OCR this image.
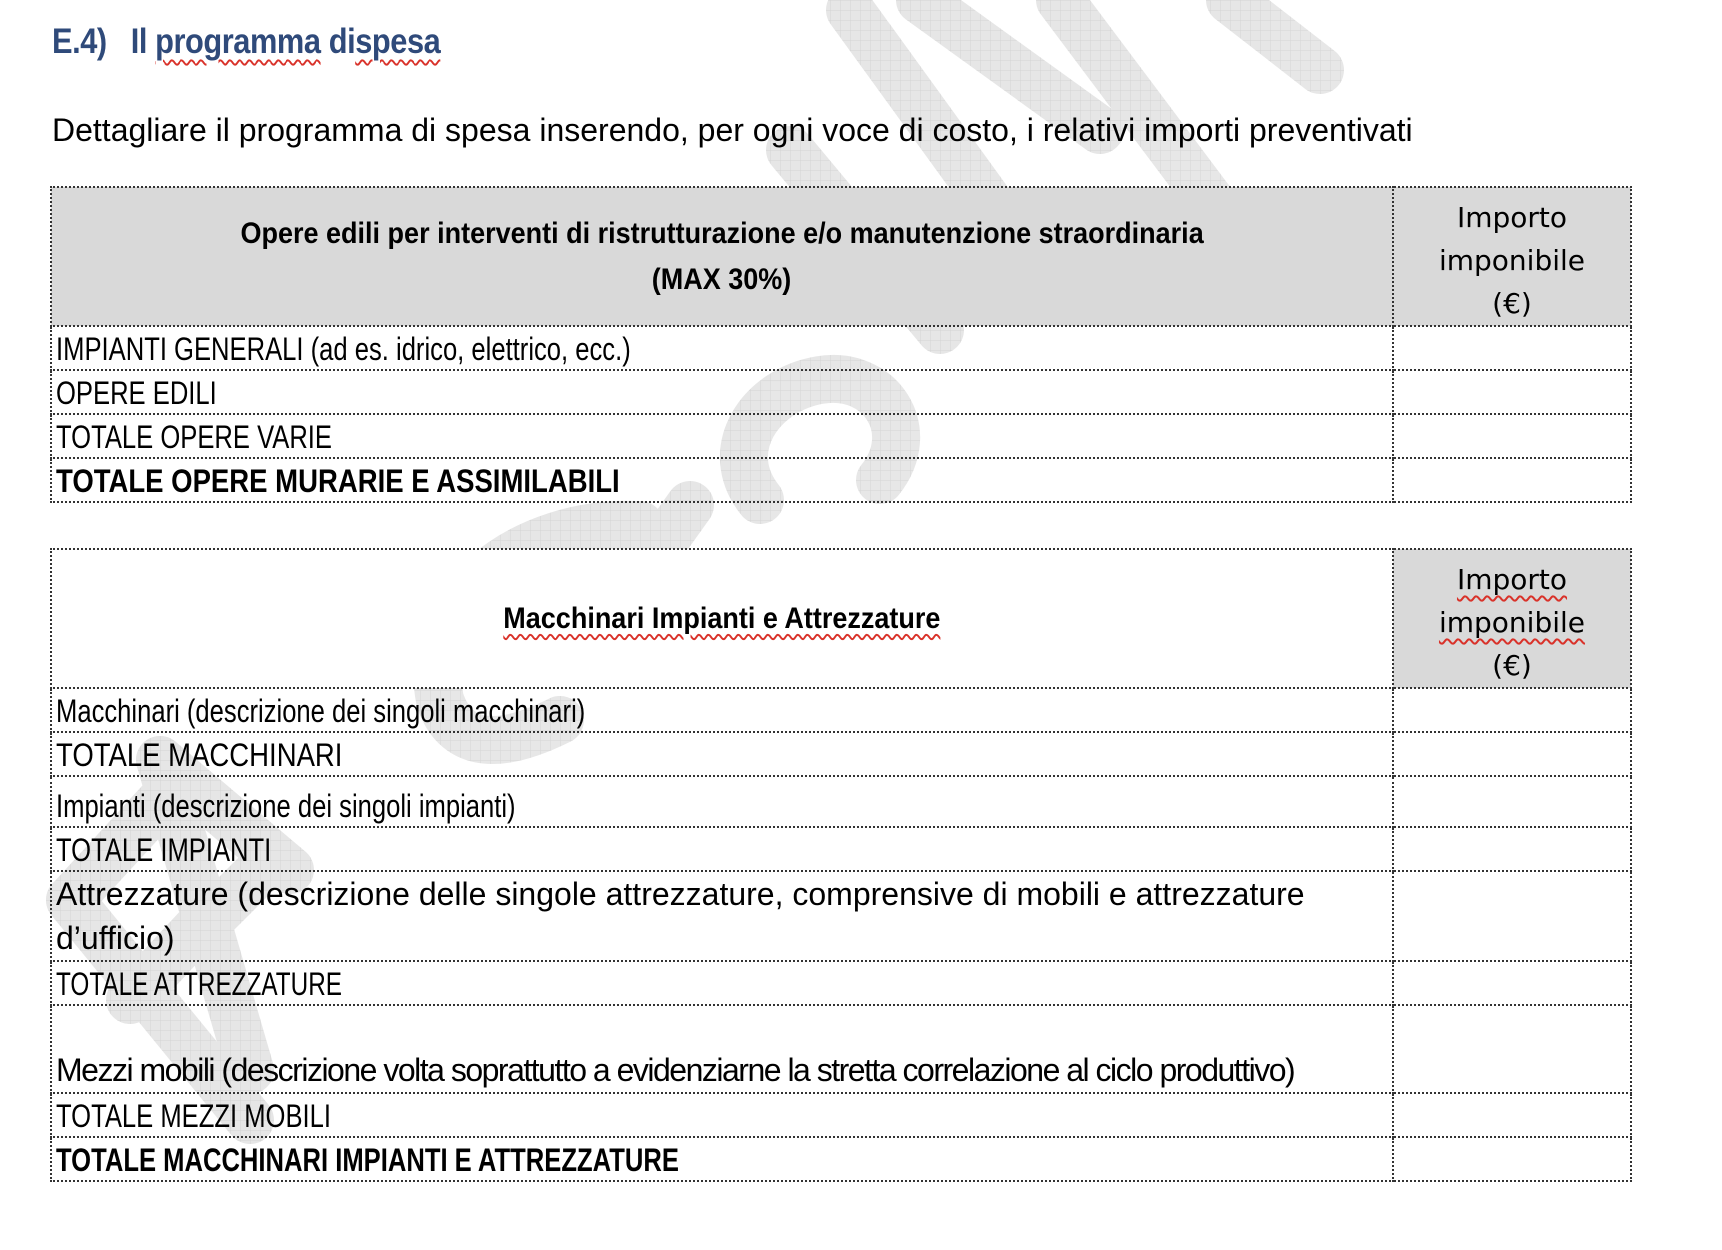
E.4) Il programma dispesa
Dettagliare il programma di spesa inserendo, per ogni voce di costo, i relativi importi preventivati
Opere edili per interventi di ristrutturazione e/o manutenzione straordinaria
(MAX 30%)	Importo
imponibile
(€)
IMPIANTI GENERALI (ad es. idrico, elettrico, ecc.)	
OPERE EDILI	
TOTALE OPERE VARIE	
TOTALE OPERE MURARIE E ASSIMILABILI	
Macchinari Impianti e Attrezzature	Importo
imponibile
(€)
Macchinari (descrizione dei singoli macchinari)	
TOTALE MACCHINARI	
Impianti (descrizione dei singoli impianti)	
TOTALE IMPIANTI	
Attrezzature (descrizione delle singole attrezzature, comprensive di mobili e attrezzature d’ufficio)	
TOTALE ATTREZZATURE	
Mezzi mobili (descrizione volta soprattutto a evidenziarne la stretta correlazione al ciclo produttivo)	
TOTALE MEZZI MOBILI	
TOTALE MACCHINARI IMPIANTI E ATTREZZATURE	
